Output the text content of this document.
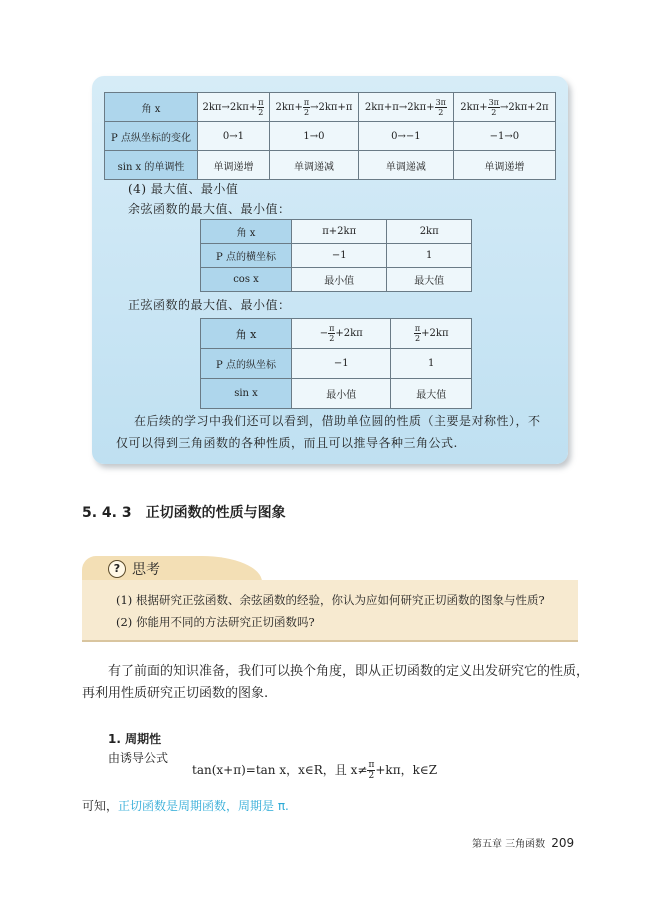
角 x	$2k\pi\to 2k\pi+ \frac{\pi}{2}$	$2k\pi+ \frac{\pi}{2} \to 2k\pi+\pi$	$2k\pi+\pi\to 2k\pi+ \frac{3\pi}{2}$	$2k\pi+ \frac{3\pi}{2} \to 2k\pi+2\pi$
P 点纵坐标的变化	0→1	1→0	0→−1	−1→0
sin x 的单调性	单调递增	单调递减	单调递减	单调递增
(4) 最大值、最小值
余弦函数的最大值、最小值：
角 x	π+2kπ	2kπ
P 点的横坐标	−1	1
cos x	最小值	最大值
正弦函数的最大值、最小值：
角 x	− $\frac{\pi}{2} +2k\pi$	$\frac{\pi}{2} +2k\pi$
P 点的纵坐标	−1	1
sin x	最小值	最大值
在后续的学习中我们还可以看到，借助单位圆的性质（主要是对称性），不
仅可以得到三角函数的各种性质，而且可以推导各种三角公式.
5. 4. 3 正切函数的性质与图象
? 思考
(1) 根据研究正弦函数、余弦函数的经验，你认为应如何研究正切函数的图象与性质?
(2) 你能用不同的方法研究正切函数吗?
有了前面的知识准备，我们可以换个角度，即从正切函数的定义出发研究它的性质，
再利用性质研究正切函数的图象.
1. 周期性
由诱导公式
tan(x+π)=tan x，x∈R，且 $x\ne \frac{\pi}{2} +k\pi$，k∈Z
可知，正切函数是周期函数，周期是 π.
第五章 三角函数 209
